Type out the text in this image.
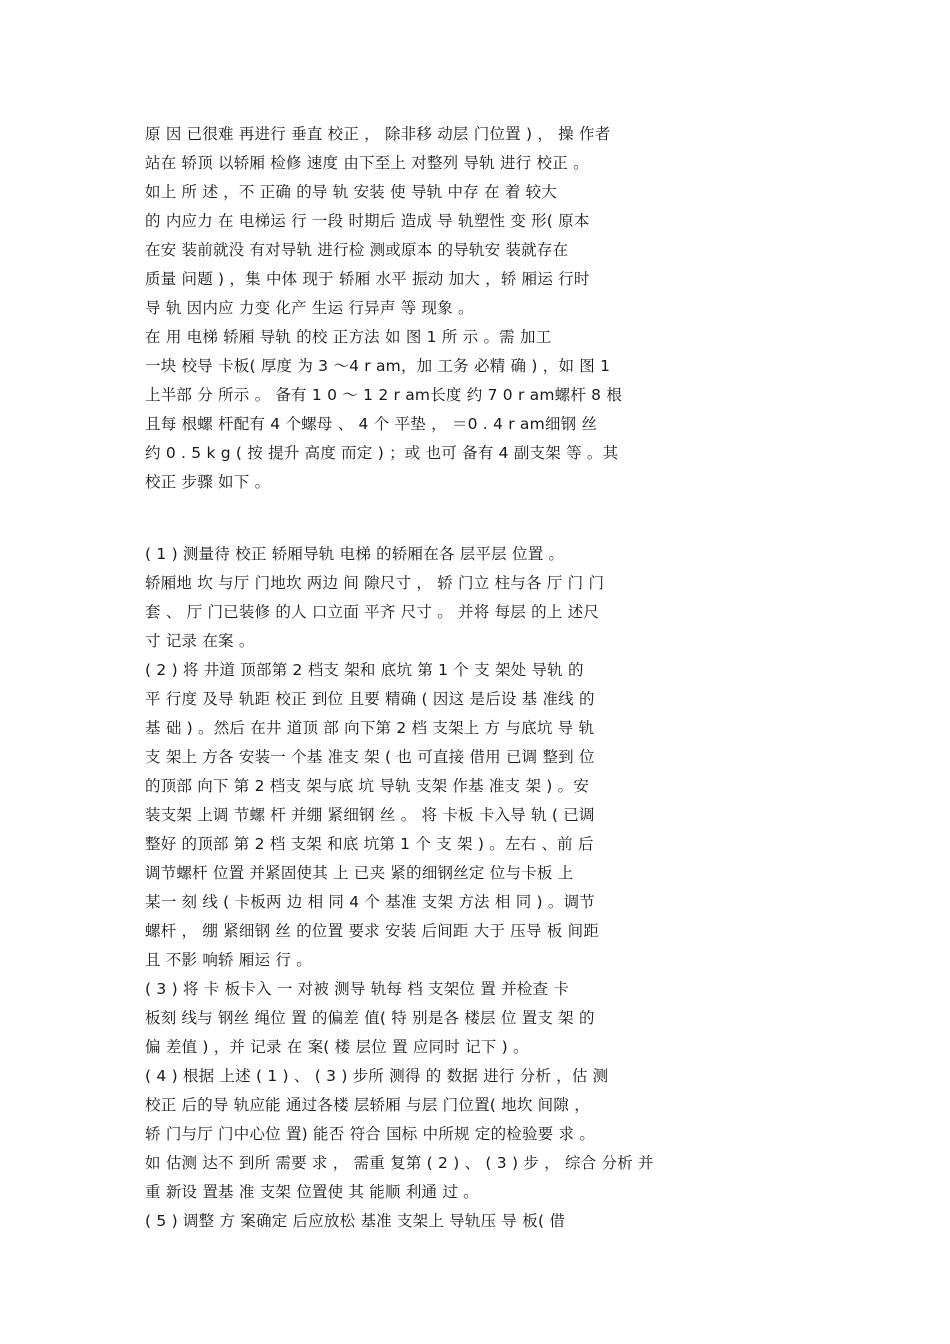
原 因 已很难 再进行 垂直 校正 ， 除非移 动层 门位置 ) ， 操 作者
站在 轿顶 以轿厢 检修 速度 由下至上 对整列 导轨 进行 校正 。
如上 所 述 ，不 正确 的导 轨 安装 使 导轨 中存 在 着 较大
的 内应力 在 电梯运 行 一段 时期后 造成 导 轨塑性 变 形( 原本
在安 装前就没 有对导轨 进行检 测或原本 的导轨安 装就存在
质量 问题 ) ，集 中体 现于 轿厢 水平 振动 加大 ，轿 厢运 行时
导 轨 因内应 力变 化产 生运 行异声 等 现象 。
在 用 电梯 轿厢 导轨 的校 正方法 如 图 1 所 示 。需 加工
一块 校导 卡板( 厚度 为 3 ～4 r am，加 工务 必精 确 ) ，如 图 1
上半部 分 所示 。 备有 1 0 ～ 1 2 r am长度 约 7 0 r am螺杆 8 根
且每 根螺 杆配有 4 个螺母 、 4 个 平垫 ， ＝0 . 4 r am细钢 丝
约 0 . 5 k g ( 按 提升 高度 而定 ) ；或 也可 备有 4 副支架 等 。其
校正 步骤 如下 。
( 1 ) 测量待 校正 轿厢导轨 电梯 的轿厢在各 层平层 位置 。
轿厢地 坎 与厅 门地坎 两边 间 隙尺寸 ， 轿 门立 柱与各 厅 门 门
套 、 厅 门已装修 的人 口立面 平齐 尺寸 。 并将 每层 的上 述尺
寸 记录 在案 。
( 2 ) 将 井道 顶部第 2 档支 架和 底坑 第 1 个 支 架处 导轨 的
平 行度 及导 轨距 校正 到位 且要 精确 ( 因这 是后设 基 准线 的
基 础 ) 。然后 在井 道顶 部 向下第 2 档 支架上 方 与底坑 导 轨
支 架上 方各 安装一 个基 准支 架 ( 也 可直接 借用 已调 整到 位
的顶部 向下 第 2 档支 架与底 坑 导轨 支架 作基 准支 架 ) 。安
装支架 上调 节螺 杆 并绷 紧细钢 丝 。 将 卡板 卡入导 轨 ( 已调
整好 的顶部 第 2 档 支架 和底 坑第 1 个 支 架 ) 。左右 、前 后
调节螺杆 位置 并紧固使其 上 已夹 紧的细钢丝定 位与卡板 上
某一 刻 线 ( 卡板两 边 相 同 4 个 基准 支架 方法 相 同 ) 。调节
螺杆 ， 绷 紧细钢 丝 的位置 要求 安装 后间距 大于 压导 板 间距
且 不影 响轿 厢运 行 。
( 3 ) 将 卡 板卡入 一 对被 测导 轨每 档 支架位 置 并检查 卡
板刻 线与 钢丝 绳位 置 的偏差 值( 特 别是各 楼层 位 置支 架 的
偏 差值 ) ，并 记录 在 案( 楼 层位 置 应同时 记下 ) 。
( 4 ) 根据 上述 ( 1 ) 、 ( 3 ) 步所 测得 的 数据 进行 分析 ，估 测
校正 后的导 轨应能 通过各楼 层轿厢 与层 门位置( 地坎 间隙 ，
轿 门与厅 门中心位 置) 能否 符合 国标 中所规 定的检验要 求 。
如 估测 达不 到所 需要 求 ， 需重 复第 ( 2 ) 、 ( 3 ) 步 ， 综合 分析 并
重 新设 置基 准 支架 位置使 其 能顺 利通 过 。
( 5 ) 调整 方 案确定 后应放松 基准 支架上 导轨压 导 板( 借
